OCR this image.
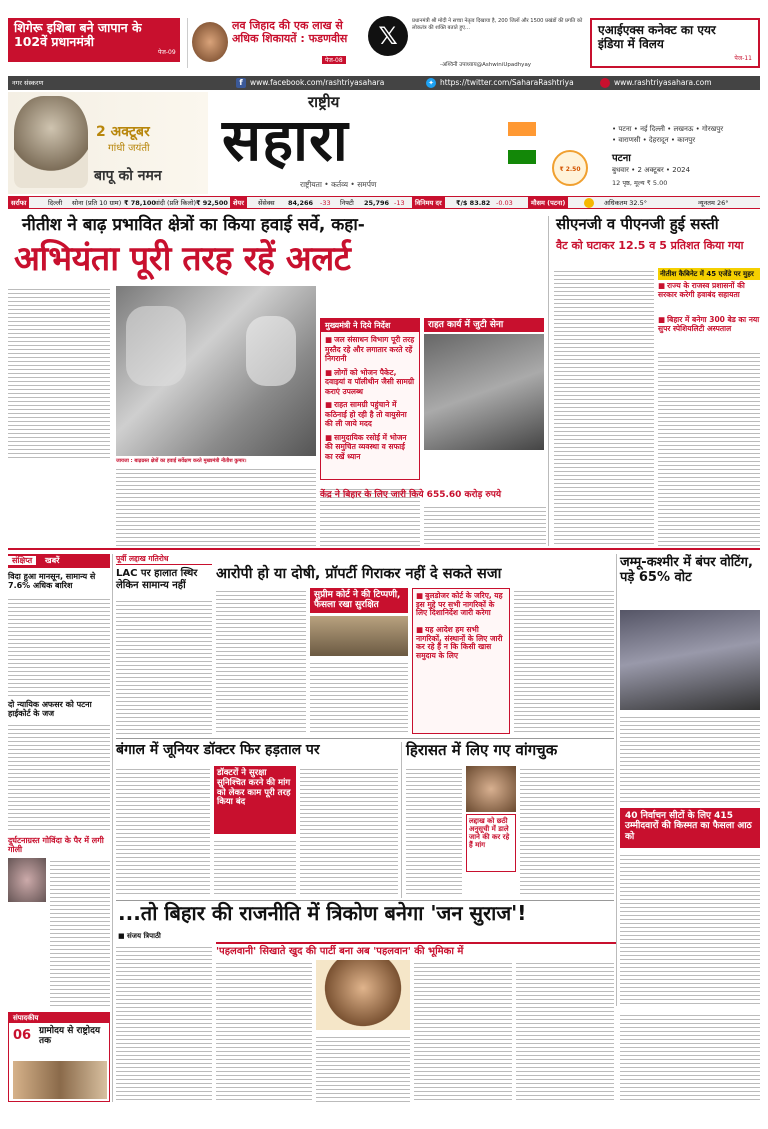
शिगेरू इशिबा बने जापान के 102वें प्रधानमंत्री
पेज-09
लव जिहाद की एक लाख से अधिक शिकायतें : फडणवीस
पेज-08
𝕏
प्रधानमंत्री श्री मोदी ने सच्चा नेतृत्व दिखाया है, 200 जिलों और 1500 प्रखंडों की प्रगति को लोकतंत्र की शक्ति बताते हुए...
-अश्विनी उपाध्याय@AshwiniUpadhyay
एआईएक्स कनेक्ट का एयर इंडिया में विलय
पेज-11
नगर संस्करण	f www.facebook.com/rashtriyasahara	✦ https://twitter.com/SaharaRashtriya	www.rashtriyasahara.com
2 अक्टूबर
गांधी जयंती
बापू को नमन
राष्ट्रीय
सहारा
राष्ट्रीयता • कर्तव्य • समर्पण
₹ 2.50
• पटना • नई दिल्ली • लखनऊ • गोरखपुर
• वाराणसी • देहरादून • कानपुर
पटना
बुधवार • 2 अक्टूबर • 2024
12 पृष्ठ, मूल्य ₹ 5.00
सर्राफा	दिल्ली सोना (प्रति 10 ग्राम) ₹ 78,100
चांदी (प्रति किलो) ₹ 92,500 शेयर	सेंसेक्स 84,266 -33 निफ्टी 25,796 -13	विनिमय दर	₹/$ 83.82 -0.03	मौसम (पटना)	अधिकतम 32.5°	न्यूनतम 26°
नीतीश ने बाढ़ प्रभावित क्षेत्रों का किया हवाई सर्वे, कहा-
अभियंता पूरी तरह रहें अलर्ट
जायजा : बाढ़ग्रस्त क्षेत्रों का हवाई सर्वेक्षण करते मुख्यमंत्री नीतीश कुमार।
मुख्यमंत्री ने दिये निर्देश
■ जल संसाधन विभाग पूरी तरह मुस्तैद रहे और लगातार करते रहें निगरानी
■ लोगों को भोजन पैकेट, दवाइयां व पॉलीथीन जैसी सामग्री कराएं उपलब्ध
■ राहत सामग्री पहुंचाने में कठिनाई हो रही है तो वायुसेना की ली जाये मदद
■ सामुदायिक रसोई में भोजन की समुचित व्यवस्था व सफाई का रखें ध्यान
राहत कार्य में जुटी सेना
केंद्र ने बिहार के लिए जारी किये 655.60 करोड़ रुपये
सीएनजी व पीएनजी हुई सस्ती
वैट को घटाकर 12.5 व 5 प्रतिशत किया गया
नीतीश कैबिनेट में 45 एजेंडे पर मुहर
■ राज्य के राजस्व प्रशासनों की सरकार करेगी हवाबंद सहायता
■ बिहार में बनेगा 300 बेड का नया सुपर स्पेशियलिटी अस्पताल
संक्षिप्त खबरें
विदा हुआ मानसून, सामान्य से 7.6% अधिक बारिश
दो न्यायिक अफसर को पटना हाईकोर्ट के जज
दुर्घटनाग्रस्त गोविंदा के पैर में लगी गोली
संपादकीय
ग्रामोदय से राष्ट्रोदय तक
06
पूर्वी लद्दाख गतिरोध
LAC पर हालात स्थिर लेकिन सामान्य नहीं
आरोपी हो या दोषी, प्रॉपर्टी गिराकर नहीं दे सकते सजा
सुप्रीम कोर्ट ने की टिप्पणी, फैसला रखा सुरक्षित
■ बुलडोजर कोर्ट के जरिए, यह इस मुद्दे पर सभी नागरिकों के लिए दिशानिर्देश जारी करेगा
■ यह आदेश हम सभी नागरिकों, संस्थानों के लिए जारी कर रहे हैं न कि किसी खास समुदाय के लिए
जम्मू-कश्मीर में बंपर वोटिंग, पड़े 65% वोट
40 निर्वाचन सीटों के लिए 415 उम्मीदवारों की किस्मत का फैसला आठ को
बंगाल में जूनियर डॉक्टर फिर हड़ताल पर
डॉक्टरों ने सुरक्षा सुनिश्चित करने की मांग को लेकर काम पूरी तरह किया बंद
हिरासत में लिए गए वांगचुक
लद्दाख को छठी अनुसूची में डाले जाने की कर रहे हैं मांग
...तो बिहार की राजनीति में त्रिकोण बनेगा 'जन सुराज'!
■ संजय त्रिपाठी
'पहलवानी' सिखाते खुद की पार्टी बना अब 'पहलवान' की भूमिका में
